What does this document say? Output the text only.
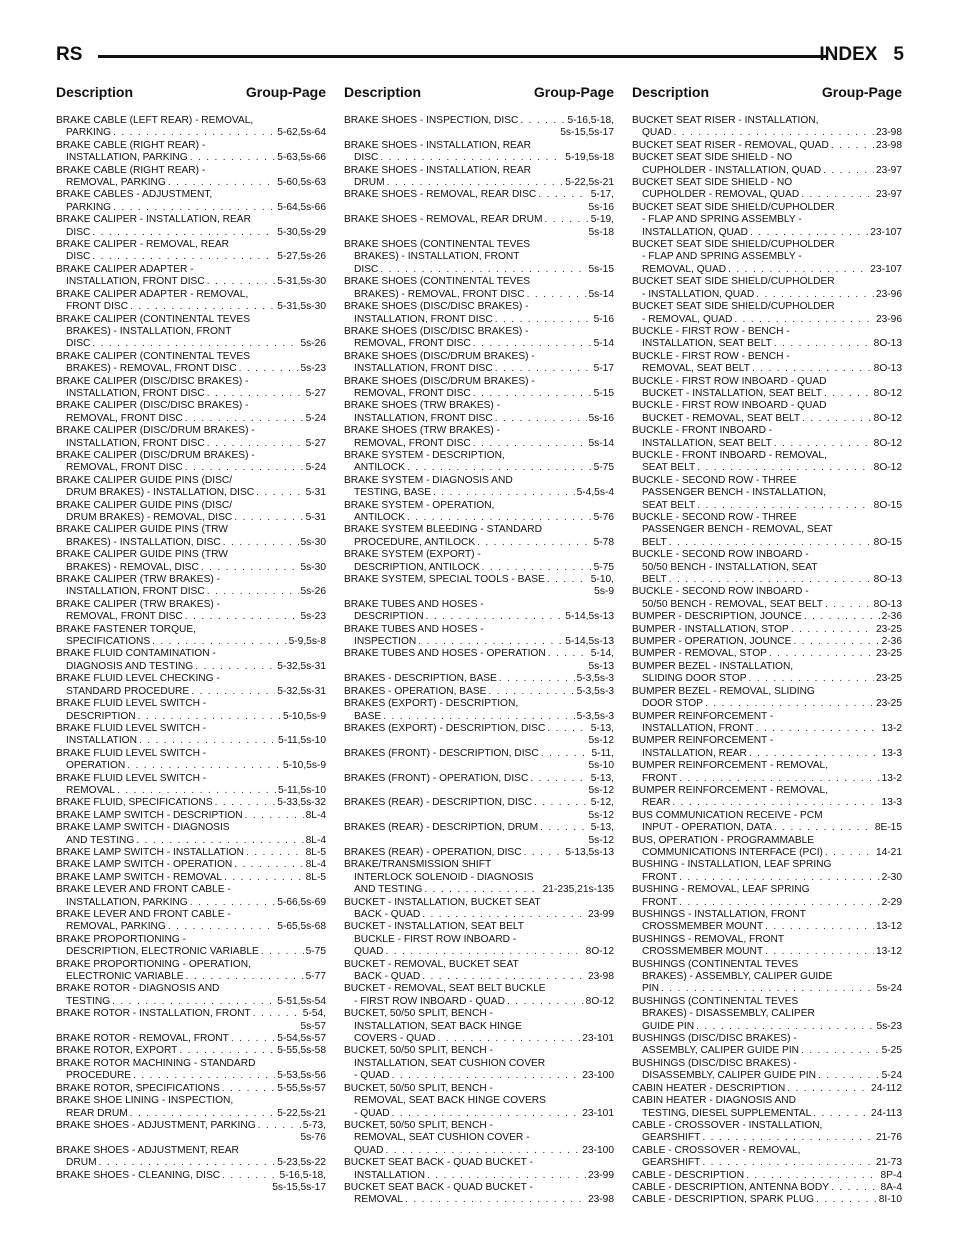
RS	INDEX 5
Description	Group-Page
BRAKE CABLE (LEFT REAR) - REMOVAL,
PARKING . . .	5-62,5s-64
BRAKE CABLE (RIGHT REAR) -
INSTALLATION, PARKING . . .	5-63,5s-66
BRAKE CABLE (RIGHT REAR) -
REMOVAL, PARKING . . .	5-60,5s-63
BRAKE CABLES - ADJUSTMENT,
PARKING . . .	5-64,5s-66
BRAKE CALIPER - INSTALLATION, REAR
DISC . . .	5-30,5s-29
BRAKE CALIPER - REMOVAL, REAR
DISC . . .	5-27,5s-26
BRAKE CALIPER ADAPTER -
INSTALLATION, FRONT DISC . . .	5-31,5s-30
BRAKE CALIPER ADAPTER - REMOVAL,
FRONT DISC . . .	5-31,5s-30
BRAKE CALIPER (CONTINENTAL TEVES
BRAKES) - INSTALLATION, FRONT
DISC . . .	5s-26
BRAKE CALIPER (CONTINENTAL TEVES
BRAKES) - REMOVAL, FRONT DISC . . .	5s-23
BRAKE CALIPER (DISC/DISC BRAKES) -
INSTALLATION, FRONT DISC . . .	5-27
BRAKE CALIPER (DISC/DISC BRAKES) -
REMOVAL, FRONT DISC . . .	5-24
BRAKE CALIPER (DISC/DRUM BRAKES) -
INSTALLATION, FRONT DISC . . .	5-27
BRAKE CALIPER (DISC/DRUM BRAKES) -
REMOVAL, FRONT DISC . . .	5-24
BRAKE CALIPER GUIDE PINS (DISC/
DRUM BRAKES) - INSTALLATION, DISC . . .	5-31
BRAKE CALIPER GUIDE PINS (DISC/
DRUM BRAKES) - REMOVAL, DISC . . .	5-31
BRAKE CALIPER GUIDE PINS (TRW
BRAKES) - INSTALLATION, DISC . . .	5s-30
BRAKE CALIPER GUIDE PINS (TRW
BRAKES) - REMOVAL, DISC . . .	5s-30
BRAKE CALIPER (TRW BRAKES) -
INSTALLATION, FRONT DISC . . .	5s-26
BRAKE CALIPER (TRW BRAKES) -
REMOVAL, FRONT DISC . . .	5s-23
BRAKE FASTENER TORQUE,
SPECIFICATIONS . . .	5-9,5s-8
BRAKE FLUID CONTAMINATION -
DIAGNOSIS AND TESTING . . .	5-32,5s-31
BRAKE FLUID LEVEL CHECKING -
STANDARD PROCEDURE . . .	5-32,5s-31
BRAKE FLUID LEVEL SWITCH -
DESCRIPTION . . .	5-10,5s-9
BRAKE FLUID LEVEL SWITCH -
INSTALLATION . . .	5-11,5s-10
BRAKE FLUID LEVEL SWITCH -
OPERATION . . .	5-10,5s-9
BRAKE FLUID LEVEL SWITCH -
REMOVAL . . .	5-11,5s-10
BRAKE FLUID, SPECIFICATIONS . . .	5-33,5s-32
BRAKE LAMP SWITCH - DESCRIPTION . . .	8L-4
BRAKE LAMP SWITCH - DIAGNOSIS
AND TESTING . . .	8L-4
BRAKE LAMP SWITCH - INSTALLATION . . .	8L-5
BRAKE LAMP SWITCH - OPERATION . . .	8L-4
BRAKE LAMP SWITCH - REMOVAL . . .	8L-5
BRAKE LEVER AND FRONT CABLE -
INSTALLATION, PARKING . . .	5-66,5s-69
BRAKE LEVER AND FRONT CABLE -
REMOVAL, PARKING . . .	5-65,5s-68
BRAKE PROPORTIONING -
DESCRIPTION, ELECTRONIC VARIABLE . . .	5-75
BRAKE PROPORTIONING - OPERATION,
ELECTRONIC VARIABLE . . .	5-77
BRAKE ROTOR - DIAGNOSIS AND
TESTING . . .	5-51,5s-54
BRAKE ROTOR - INSTALLATION, FRONT . . .	5-54,
5s-57
BRAKE ROTOR - REMOVAL, FRONT . . .	5-54,5s-57
BRAKE ROTOR, EXPORT . . .	5-55,5s-58
BRAKE ROTOR MACHINING - STANDARD
PROCEDURE . . .	5-53,5s-56
BRAKE ROTOR, SPECIFICATIONS . . .	5-55,5s-57
BRAKE SHOE LINING - INSPECTION,
REAR DRUM . . .	5-22,5s-21
BRAKE SHOES - ADJUSTMENT, PARKING . . .	5-73,
5s-76
BRAKE SHOES - ADJUSTMENT, REAR
DRUM . . .	5-23,5s-22
BRAKE SHOES - CLEANING, DISC . . .	5-16,5-18,
5s-15,5s-17
Description	Group-Page
BRAKE SHOES - INSPECTION, DISC . . .	5-16,5-18,
5s-15,5s-17
BRAKE SHOES - INSTALLATION, REAR
DISC . . .	5-19,5s-18
BRAKE SHOES - INSTALLATION, REAR
DRUM . . .	5-22,5s-21
BRAKE SHOES - REMOVAL, REAR DISC . . .	5-17,
5s-16
BRAKE SHOES - REMOVAL, REAR DRUM . . .	5-19,
5s-18
BRAKE SHOES (CONTINENTAL TEVES
BRAKES) - INSTALLATION, FRONT
DISC . . .	5s-15
BRAKE SHOES (CONTINENTAL TEVES
BRAKES) - REMOVAL, FRONT DISC . . .	5s-14
BRAKE SHOES (DISC/DISC BRAKES) -
INSTALLATION, FRONT DISC . . .	5-16
BRAKE SHOES (DISC/DISC BRAKES) -
REMOVAL, FRONT DISC . . .	5-14
BRAKE SHOES (DISC/DRUM BRAKES) -
INSTALLATION, FRONT DISC . . .	5-17
BRAKE SHOES (DISC/DRUM BRAKES) -
REMOVAL, FRONT DISC . . .	5-15
BRAKE SHOES (TRW BRAKES) -
INSTALLATION, FRONT DISC . . .	5s-16
BRAKE SHOES (TRW BRAKES) -
REMOVAL, FRONT DISC . . .	5s-14
BRAKE SYSTEM - DESCRIPTION,
ANTILOCK . . .	5-75
BRAKE SYSTEM - DIAGNOSIS AND
TESTING, BASE . . .	5-4,5s-4
BRAKE SYSTEM - OPERATION,
ANTILOCK . . .	5-76
BRAKE SYSTEM BLEEDING - STANDARD
PROCEDURE, ANTILOCK . . .	5-78
BRAKE SYSTEM (EXPORT) -
DESCRIPTION, ANTILOCK . . .	5-75
BRAKE SYSTEM, SPECIAL TOOLS - BASE . . .	5-10,
5s-9
BRAKE TUBES AND HOSES -
DESCRIPTION . . .	5-14,5s-13
BRAKE TUBES AND HOSES -
INSPECTION . . .	5-14,5s-13
BRAKE TUBES AND HOSES - OPERATION . . .	5-14,
5s-13
BRAKES - DESCRIPTION, BASE . . .	5-3,5s-3
BRAKES - OPERATION, BASE . . .	5-3,5s-3
BRAKES (EXPORT) - DESCRIPTION,
BASE . . .	5-3,5s-3
BRAKES (EXPORT) - DESCRIPTION, DISC . . .	5-13,
5s-12
BRAKES (FRONT) - DESCRIPTION, DISC . . .	5-11,
5s-10
BRAKES (FRONT) - OPERATION, DISC . . .	5-13,
5s-12
BRAKES (REAR) - DESCRIPTION, DISC . . .	5-12,
5s-12
BRAKES (REAR) - DESCRIPTION, DRUM . . .	5-13,
5s-12
BRAKES (REAR) - OPERATION, DISC . . .	5-13,5s-13
BRAKE/TRANSMISSION SHIFT
INTERLOCK SOLENOID - DIAGNOSIS
AND TESTING . . .	21-235,21s-135
BUCKET - INSTALLATION, BUCKET SEAT
BACK - QUAD . . .	23-99
BUCKET - INSTALLATION, SEAT BELT
BUCKLE - FIRST ROW INBOARD -
QUAD . . .	8O-12
BUCKET - REMOVAL, BUCKET SEAT
BACK - QUAD . . .	23-98
BUCKET - REMOVAL, SEAT BELT BUCKLE
- FIRST ROW INBOARD - QUAD . . .	8O-12
BUCKET, 50/50 SPLIT, BENCH -
INSTALLATION, SEAT BACK HINGE
COVERS - QUAD . . .	23-101
BUCKET, 50/50 SPLIT, BENCH -
INSTALLATION, SEAT CUSHION COVER
- QUAD . . .	23-100
BUCKET, 50/50 SPLIT, BENCH -
REMOVAL, SEAT BACK HINGE COVERS
- QUAD . . .	23-101
BUCKET, 50/50 SPLIT, BENCH -
REMOVAL, SEAT CUSHION COVER -
QUAD . . .	23-100
BUCKET SEAT BACK - QUAD BUCKET -
INSTALLATION . . .	23-99
BUCKET SEAT BACK - QUAD BUCKET -
REMOVAL . . .	23-98
Description	Group-Page
BUCKET SEAT RISER - INSTALLATION,
QUAD . . .	23-98
BUCKET SEAT RISER - REMOVAL, QUAD . . .	23-98
BUCKET SEAT SIDE SHIELD - NO
CUPHOLDER - INSTALLATION, QUAD . . .	23-97
BUCKET SEAT SIDE SHIELD - NO
CUPHOLDER - REMOVAL, QUAD . . .	23-97
BUCKET SEAT SIDE SHIELD/CUPHOLDER
- FLAP AND SPRING ASSEMBLY -
INSTALLATION, QUAD . . .	23-107
BUCKET SEAT SIDE SHIELD/CUPHOLDER
- FLAP AND SPRING ASSEMBLY -
REMOVAL, QUAD . . .	23-107
BUCKET SEAT SIDE SHIELD/CUPHOLDER
- INSTALLATION, QUAD . . .	23-96
BUCKET SEAT SIDE SHIELD/CUPHOLDER
- REMOVAL, QUAD . . .	23-96
BUCKLE - FIRST ROW - BENCH -
INSTALLATION, SEAT BELT . . .	8O-13
BUCKLE - FIRST ROW - BENCH -
REMOVAL, SEAT BELT . . .	8O-13
BUCKLE - FIRST ROW INBOARD - QUAD
BUCKET - INSTALLATION, SEAT BELT . . .	8O-12
BUCKLE - FIRST ROW INBOARD - QUAD
BUCKET - REMOVAL, SEAT BELT . . .	8O-12
BUCKLE - FRONT INBOARD -
INSTALLATION, SEAT BELT . . .	8O-12
BUCKLE - FRONT INBOARD - REMOVAL,
SEAT BELT . . .	8O-12
BUCKLE - SECOND ROW - THREE
PASSENGER BENCH - INSTALLATION,
SEAT BELT . . .	8O-15
BUCKLE - SECOND ROW - THREE
PASSENGER BENCH - REMOVAL, SEAT
BELT . . .	8O-15
BUCKLE - SECOND ROW INBOARD -
50/50 BENCH - INSTALLATION, SEAT
BELT . . .	8O-13
BUCKLE - SECOND ROW INBOARD -
50/50 BENCH - REMOVAL, SEAT BELT . . .	8O-13
BUMPER - DESCRIPTION, JOUNCE . . .	2-36
BUMPER - INSTALLATION, STOP . . .	23-25
BUMPER - OPERATION, JOUNCE . . .	2-36
BUMPER - REMOVAL, STOP . . .	23-25
BUMPER BEZEL - INSTALLATION,
SLIDING DOOR STOP . . .	23-25
BUMPER BEZEL - REMOVAL, SLIDING
DOOR STOP . . .	23-25
BUMPER REINFORCEMENT -
INSTALLATION, FRONT . . .	13-2
BUMPER REINFORCEMENT -
INSTALLATION, REAR . . .	13-3
BUMPER REINFORCEMENT - REMOVAL,
FRONT . . .	13-2
BUMPER REINFORCEMENT - REMOVAL,
REAR . . .	13-3
BUS COMMUNICATION RECEIVE - PCM
INPUT - OPERATION, DATA . . .	8E-15
BUS, OPERATION - PROGRAMMABLE
COMMUNICATIONS INTERFACE (PCI) . . .	14-21
BUSHING - INSTALLATION, LEAF SPRING
FRONT . . .	2-30
BUSHING - REMOVAL, LEAF SPRING
FRONT . . .	2-29
BUSHINGS - INSTALLATION, FRONT
CROSSMEMBER MOUNT . . .	13-12
BUSHINGS - REMOVAL, FRONT
CROSSMEMBER MOUNT . . .	13-12
BUSHINGS (CONTINENTAL TEVES
BRAKES) - ASSEMBLY, CALIPER GUIDE
PIN . . .	5s-24
BUSHINGS (CONTINENTAL TEVES
BRAKES) - DISASSEMBLY, CALIPER
GUIDE PIN . . .	5s-23
BUSHINGS (DISC/DISC BRAKES) -
ASSEMBLY, CALIPER GUIDE PIN . . .	5-25
BUSHINGS (DISC/DISC BRAKES) -
DISASSEMBLY, CALIPER GUIDE PIN . . .	5-24
CABIN HEATER - DESCRIPTION . . .	24-112
CABIN HEATER - DIAGNOSIS AND
TESTING, DIESEL SUPPLEMENTAL . . .	24-113
CABLE - CROSSOVER - INSTALLATION,
GEARSHIFT . . .	21-76
CABLE - CROSSOVER - REMOVAL,
GEARSHIFT . . .	21-73
CABLE - DESCRIPTION . . .	8P-4
CABLE - DESCRIPTION, ANTENNA BODY . . .	8A-4
CABLE - DESCRIPTION, SPARK PLUG . . .	8I-10
